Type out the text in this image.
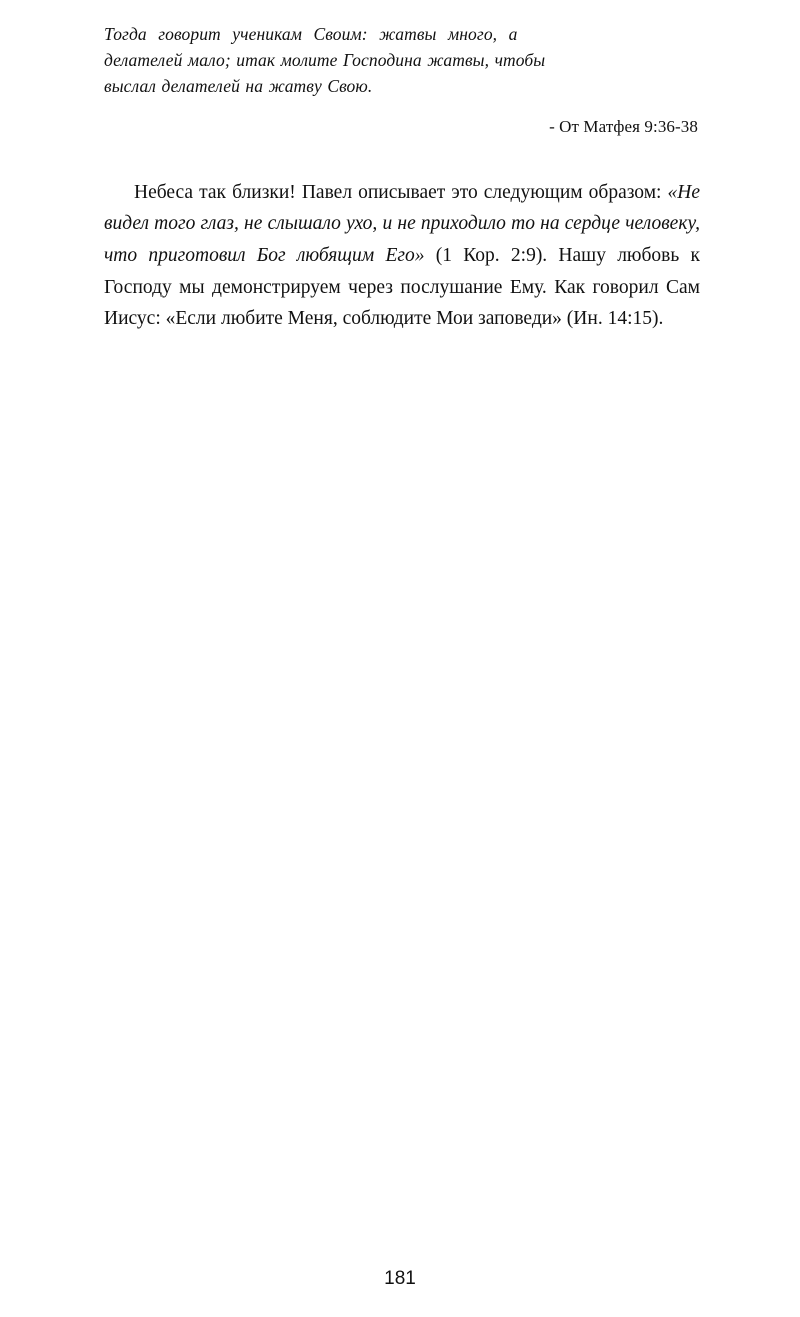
Тогда говорит ученикам Своим: жатвы много, а
делателей мало; итак молите Господина жатвы, чтобы
выслал делателей на жатву Свою.
- От Матфея 9:36-38

Небеса так близки! Павел описывает это следующим образом: «Не видел того глаз, не слышало ухо, и не приходило то на сердце человеку, что приготовил Бог любящим Его» (1 Кор. 2:9). Нашу любовь к Господу мы демонстрируем через послушание Ему. Как говорил Сам Иисус: «Если любите Меня, соблюдите Мои заповеди» (Ин. 14:15).

181
